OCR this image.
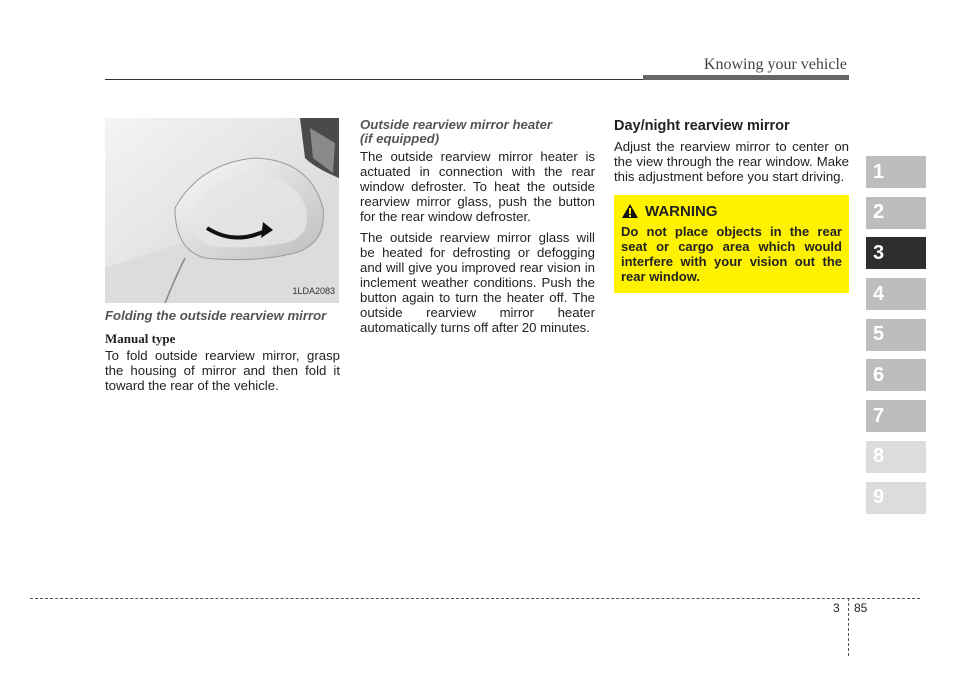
Knowing your vehicle
1LDA2083
Folding the outside rearview mirror
Manual type

To fold outside rearview mirror, grasp the housing of mirror and then fold it toward the rear of the vehicle.

Outside rearview mirror heater
(if equipped)

The outside rearview mirror heater is actuated in connection with the rear window defroster. To heat the outside rearview mirror glass, push the button for the rear window defroster.

The outside rearview mirror glass will be heated for defrosting or defogging and will give you improved rear vision in inclement weather conditions. Push the button again to turn the heater off. The outside rearview mirror heater automatically turns off after 20 minutes.

Day/night rearview mirror

Adjust the rearview mirror to center on the view through the rear window. Make this adjustment before you start driving.

WARNING
Do not place objects in the rear seat or cargo area which would interfere with your vision out the rear window.
1
2
3
4
5
6
7
8
9
3 85
